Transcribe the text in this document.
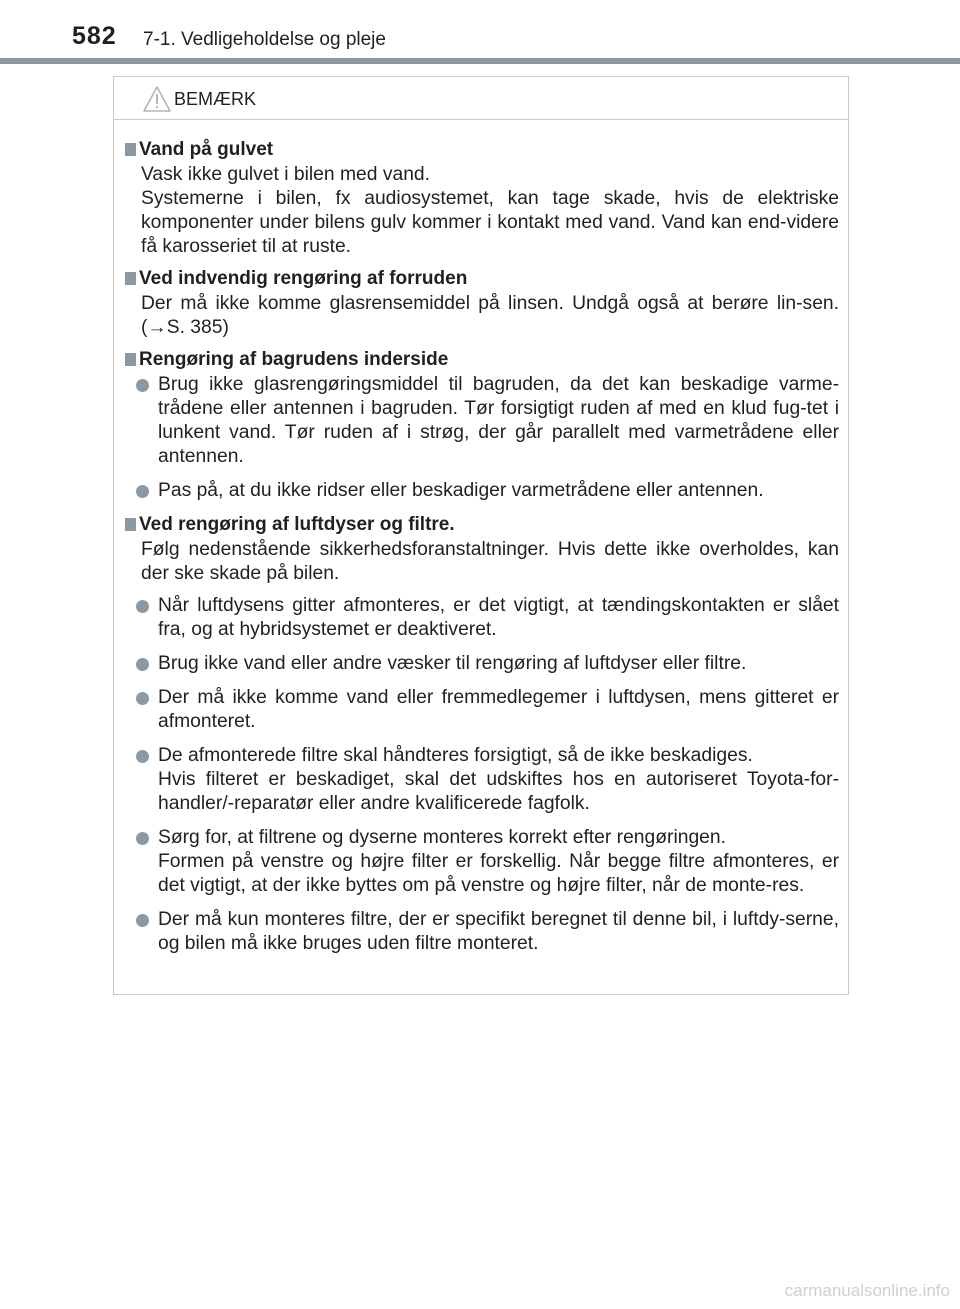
582 7-1. Vedligeholdelse og pleje
BEMÆRK
Vand på gulvet
Vask ikke gulvet i bilen med vand.
Systemerne i bilen, fx audiosystemet, kan tage skade, hvis de elektriske komponenter under bilens gulv kommer i kontakt med vand. Vand kan end-videre få karosseriet til at ruste.
Ved indvendig rengøring af forruden
Der må ikke komme glasrensemiddel på linsen. Undgå også at berøre lin-sen. (→S. 385)
Rengøring af bagrudens inderside
Brug ikke glasrengøringsmiddel til bagruden, da det kan beskadige varme-trådene eller antennen i bagruden. Tør forsigtigt ruden af med en klud fug-tet i lunkent vand. Tør ruden af i strøg, der går parallelt med varmetrådene eller antennen.
Pas på, at du ikke ridser eller beskadiger varmetrådene eller antennen.
Ved rengøring af luftdyser og filtre.
Følg nedenstående sikkerhedsforanstaltninger. Hvis dette ikke overholdes, kan der ske skade på bilen.
Når luftdysens gitter afmonteres, er det vigtigt, at tændingskontakten er slået fra, og at hybridsystemet er deaktiveret.
Brug ikke vand eller andre væsker til rengøring af luftdyser eller filtre.
Der må ikke komme vand eller fremmedlegemer i luftdysen, mens gitteret er afmonteret.
De afmonterede filtre skal håndteres forsigtigt, så de ikke beskadiges.
Hvis filteret er beskadiget, skal det udskiftes hos en autoriseret Toyota-for-handler/-reparatør eller andre kvalificerede fagfolk.
Sørg for, at filtrene og dyserne monteres korrekt efter rengøringen.
Formen på venstre og højre filter er forskellig. Når begge filtre afmonteres, er det vigtigt, at der ikke byttes om på venstre og højre filter, når de monte-res.
Der må kun monteres filtre, der er specifikt beregnet til denne bil, i luftdy-serne, og bilen må ikke bruges uden filtre monteret.
carmanualsonline.info
